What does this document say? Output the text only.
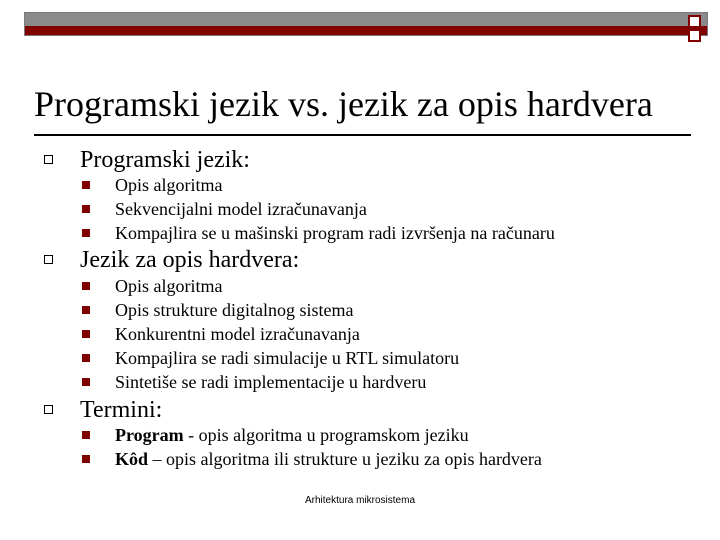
Programski jezik vs. jezik za opis hardvera
Programski jezik:
Opis algoritma
Sekvencijalni model izračunavanja
Kompajlira se u mašinski program radi izvršenja na računaru
Jezik za opis hardvera:
Opis algoritma
Opis strukture digitalnog sistema
Konkurentni model izračunavanja
Kompajlira se radi simulacije u RTL simulatoru
Sintetiše se radi implementacije u hardveru
Termini:
Program - opis algoritma u programskom jeziku
Kôd – opis algoritma ili strukture u jeziku za opis hardvera
Arhitektura mikrosistema
